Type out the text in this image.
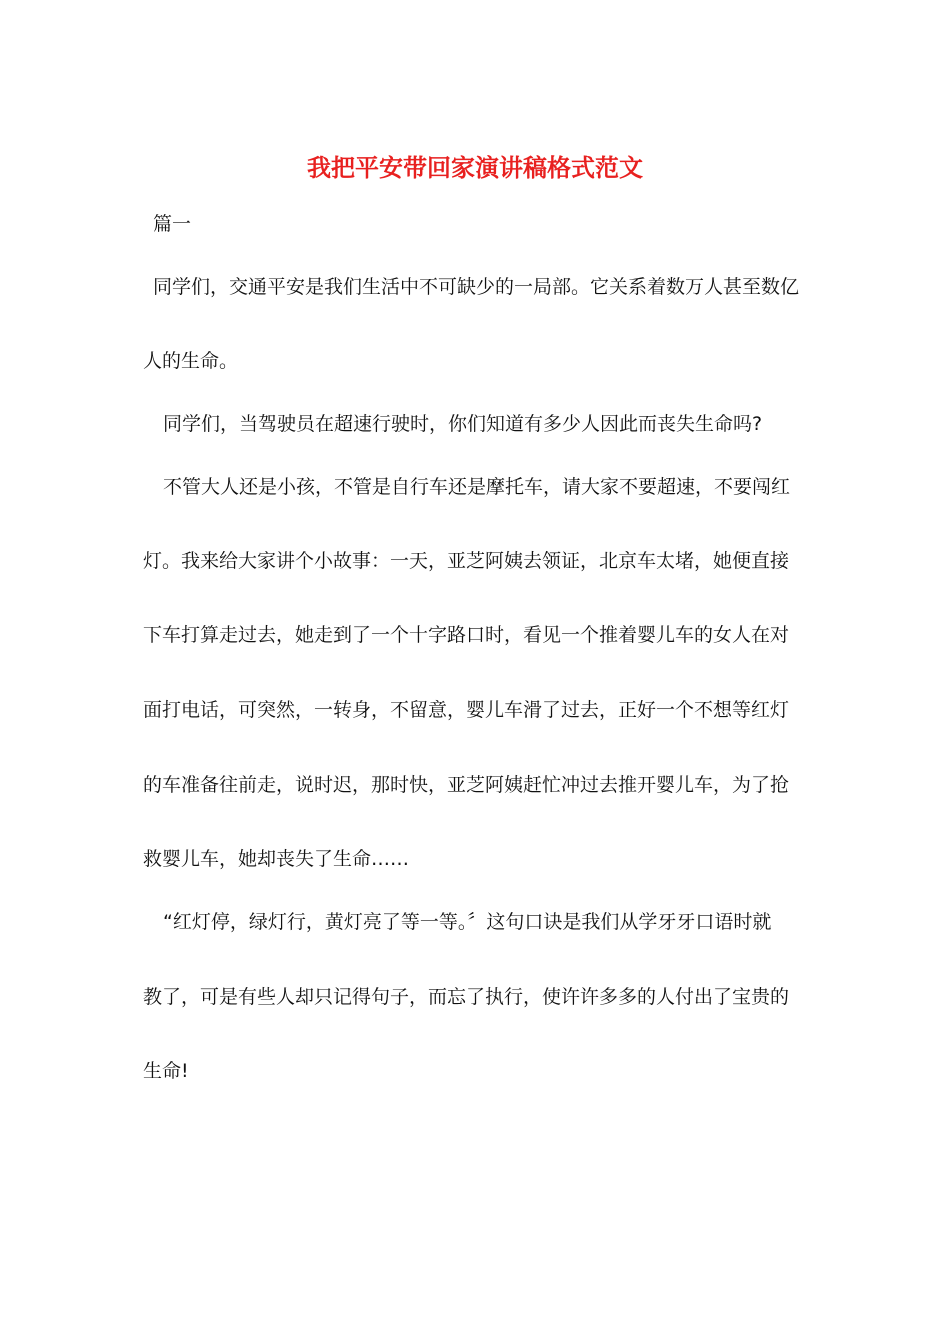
我把平安带回家演讲稿格式范文
篇一
同学们，交通平安是我们生活中不可缺少的一局部。它关系着数万人甚至数亿
人的生命。
同学们，当驾驶员在超速行驶时，你们知道有多少人因此而丧失生命吗?
不管大人还是小孩，不管是自行车还是摩托车，请大家不要超速，不要闯红
灯。我来给大家讲个小故事：一天，亚芝阿姨去领证，北京车太堵，她便直接
下车打算走过去，她走到了一个十字路口时，看见一个推着婴儿车的女人在对
面打电话，可突然，一转身，不留意，婴儿车滑了过去，正好一个不想等红灯
的车准备往前走，说时迟，那时快，亚芝阿姨赶忙冲过去推开婴儿车，为了抢
救婴儿车，她却丧失了生命……
“红灯停，绿灯行，黄灯亮了等一等。〞这句口诀是我们从学牙牙口语时就
教了，可是有些人却只记得句子，而忘了执行，使许许多多的人付出了宝贵的
生命!
